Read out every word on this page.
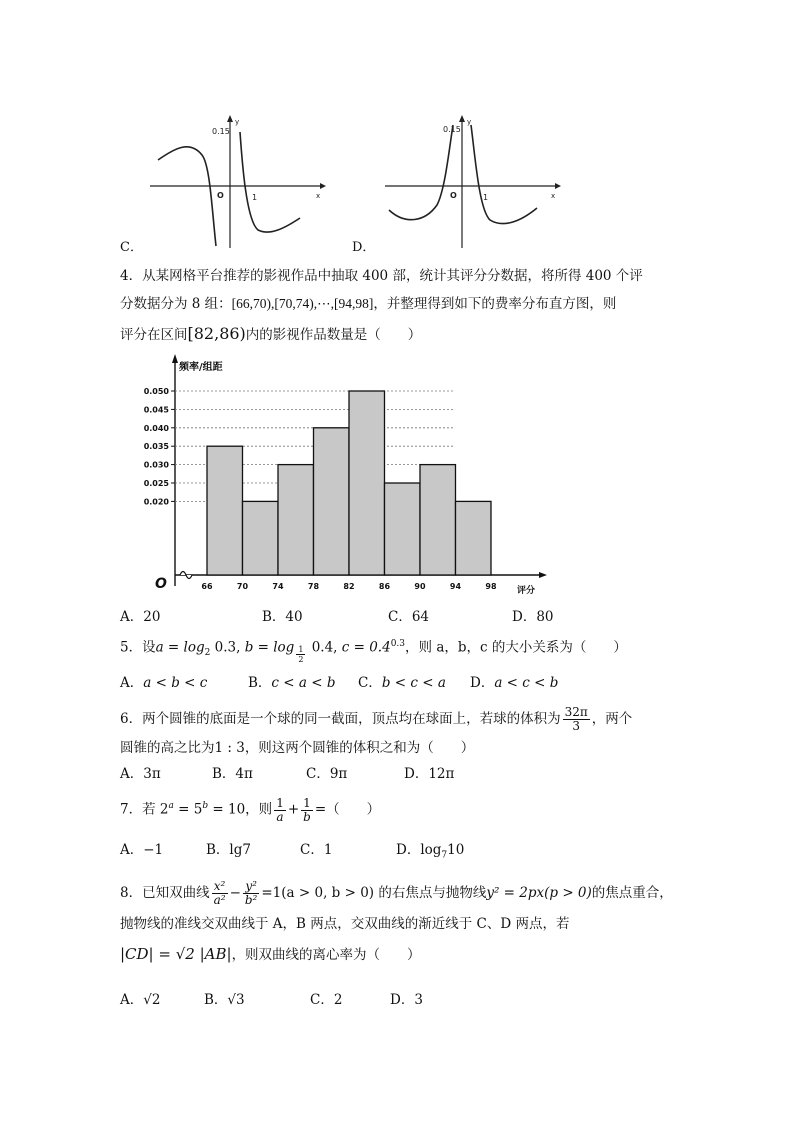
0.15
y
O	1	x
C．
0.15
y
O	1	x
D．
4．从某网格平台推荐的影视作品中抽取 400 部，统计其评分分数据，将所得 400 个评
分数据分为 8 组：[66,70),[70,74),⋯,[94,98]，并整理得到如下的费率分布直方图，则
评分在区间[82,86)内的影视作品数量是（　　）
频率/组距
评分
O
0.050
0.045
0.040
0.035
0.030
0.025
0.020
66	70	74	78	82	86	90	94	98
A．20	B．40	C．64	D．80
5．设$a = \log_2 0.3$, $b = \log \frac{1}{2} 0.4$, $c = 0.4^{0.3}$，则 a，b，c 的大小关系为（　　）
A．a < b < c	B．c < a < b C．b < c < a D．a < c < b
6．两个圆锥的底面是一个球的同一截面，顶点均在球面上，若球的体积为 $\frac{32\pi}{3}$ ，两个
圆锥的高之比为1 : 3，则这两个圆锥的体积之和为（　　）
A．3π	B．4π	C．9π	D．12π
7．若 $2^a = 5^b = 10$，则 $\frac{1}{a} + \frac{1}{b}$ =（　　）
A．−1	B．lg7	C．1	D．$\log_710$
8．已知双曲线 $\frac{\text{x²}}{\text{a²}} - \frac{\text{y²}}{\text{b²}} =1(a > 0$, b > 0) 的右焦点与抛物线y² = 2px(p > 0)的焦点重合，
抛物线的准线交双曲线于 A，B 两点，交双曲线的渐近线于 C、D 两点，若
|CD| = √2 |AB|，则双曲线的离心率为（　　）
A．√2	B．√3	C．2	D．3
